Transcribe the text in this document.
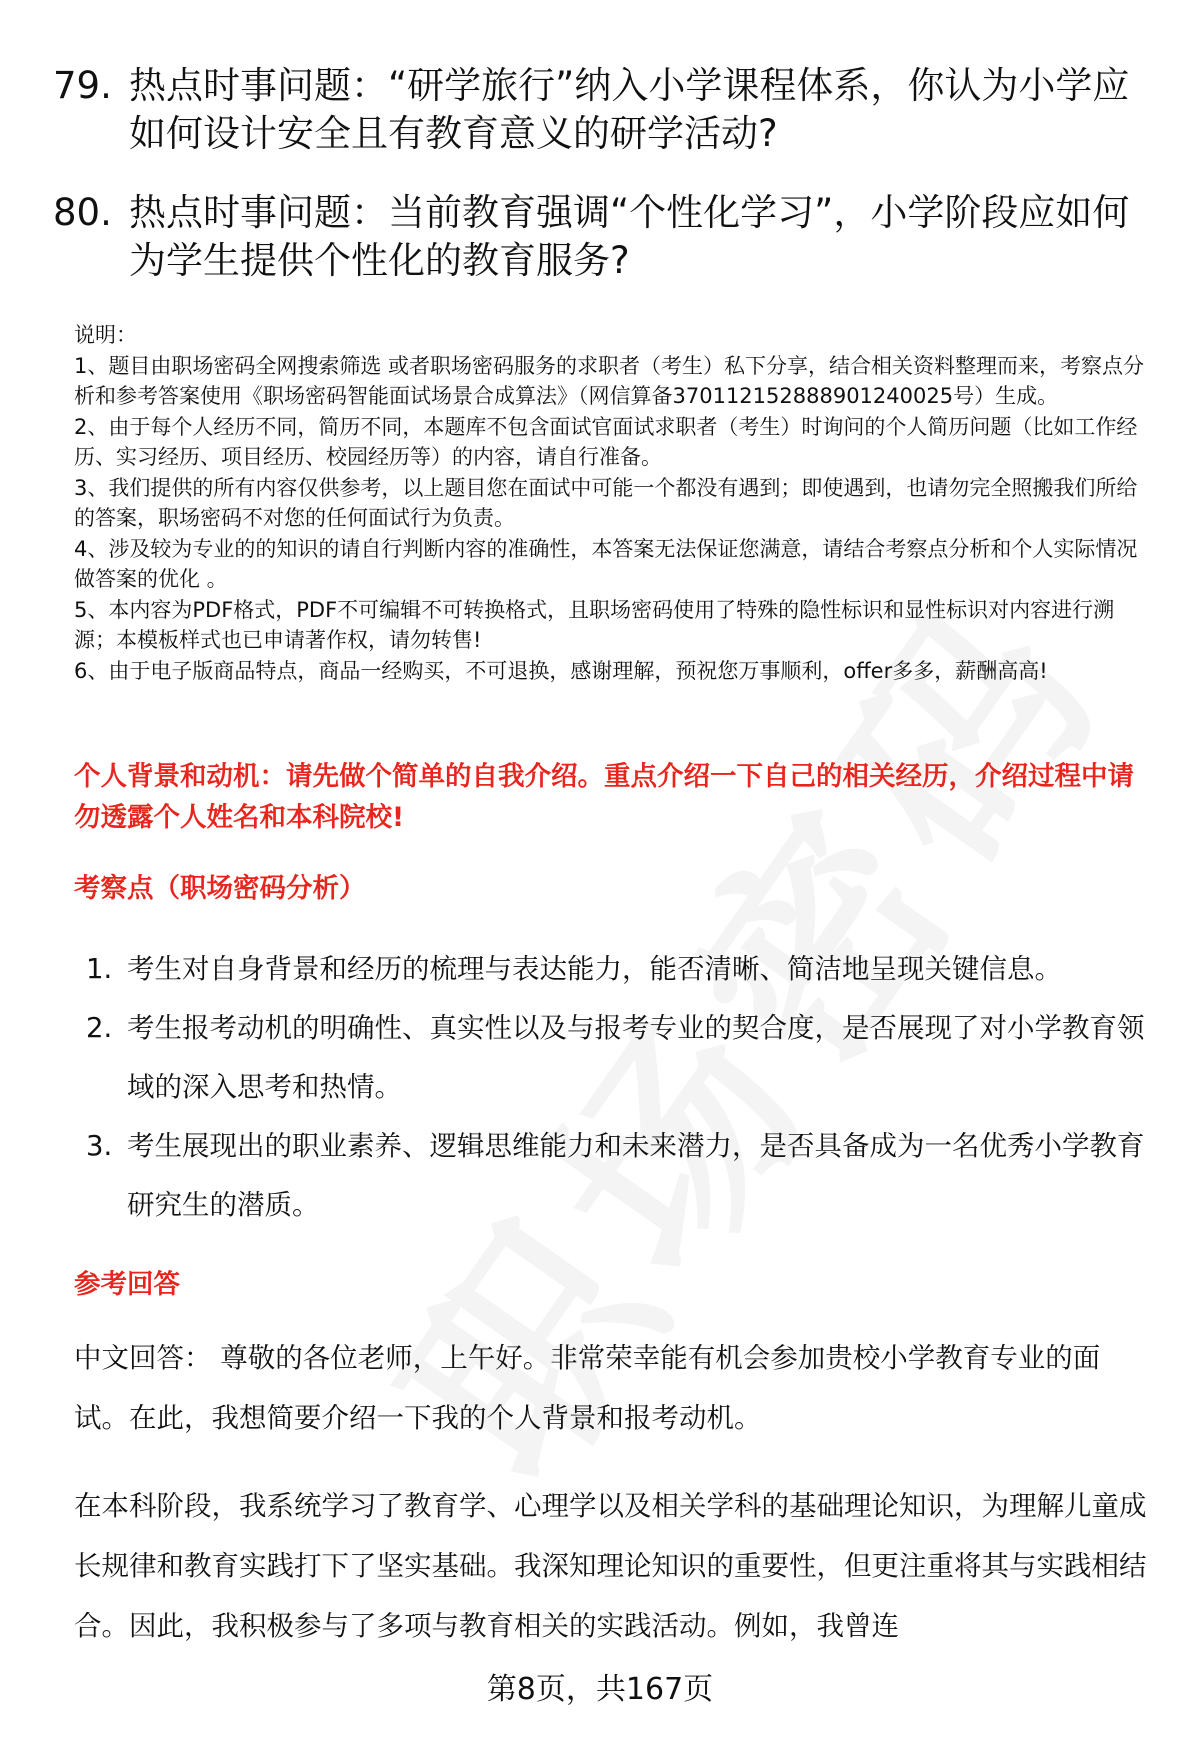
79. 热点时事问题：“研学旅行”纳入小学课程体系，你认为小学应如何设计安全且有教育意义的研学活动?
80. 热点时事问题：当前教育强调“个性化学习”，小学阶段应如何为学生提供个性化的教育服务?
说明：
1、题目由职场密码全网搜索筛选 或者职场密码服务的求职者（考生）私下分享，结合相关资料整理而来，考察点分析和参考答案使用《职场密码智能面试场景合成算法》（网信算备370112152888901240025号）生成。
2、由于每个人经历不同，简历不同，本题库不包含面试官面试求职者（考生）时询问的个人简历问题（比如工作经历、实习经历、项目经历、校园经历等）的内容，请自行准备。
3、我们提供的所有内容仅供参考，以上题目您在面试中可能一个都没有遇到；即使遇到，也请勿完全照搬我们所给的答案，职场密码不对您的任何面试行为负责。
4、涉及较为专业的的知识的请自行判断内容的准确性，本答案无法保证您满意，请结合考察点分析和个人实际情况做答案的优化 。
5、本内容为PDF格式，PDF不可编辑不可转换格式，且职场密码使用了特殊的隐性标识和显性标识对内容进行溯源；本模板样式也已申请著作权，请勿转售!
6、由于电子版商品特点，商品一经购买，不可退换，感谢理解，预祝您万事顺利，offer多多，薪酬高高!
个人背景和动机：请先做个简单的自我介绍。重点介绍一下自己的相关经历，介绍过程中请勿透露个人姓名和本科院校!
考察点（职场密码分析）
1. 考生对自身背景和经历的梳理与表达能力，能否清晰、简洁地呈现关键信息。
2. 考生报考动机的明确性、真实性以及与报考专业的契合度，是否展现了对小学教育领域的深入思考和热情。
3. 考生展现出的职业素养、逻辑思维能力和未来潜力，是否具备成为一名优秀小学教育研究生的潜质。
参考回答
中文回答： 尊敬的各位老师，上午好。非常荣幸能有机会参加贵校小学教育专业的面试。在此，我想简要介绍一下我的个人背景和报考动机。
在本科阶段，我系统学习了教育学、心理学以及相关学科的基础理论知识，为理解儿童成长规律和教育实践打下了坚实基础。我深知理论知识的重要性，但更注重将其与实践相结合。因此，我积极参与了多项与教育相关的实践活动。例如，我曾连
第8页，共167页
